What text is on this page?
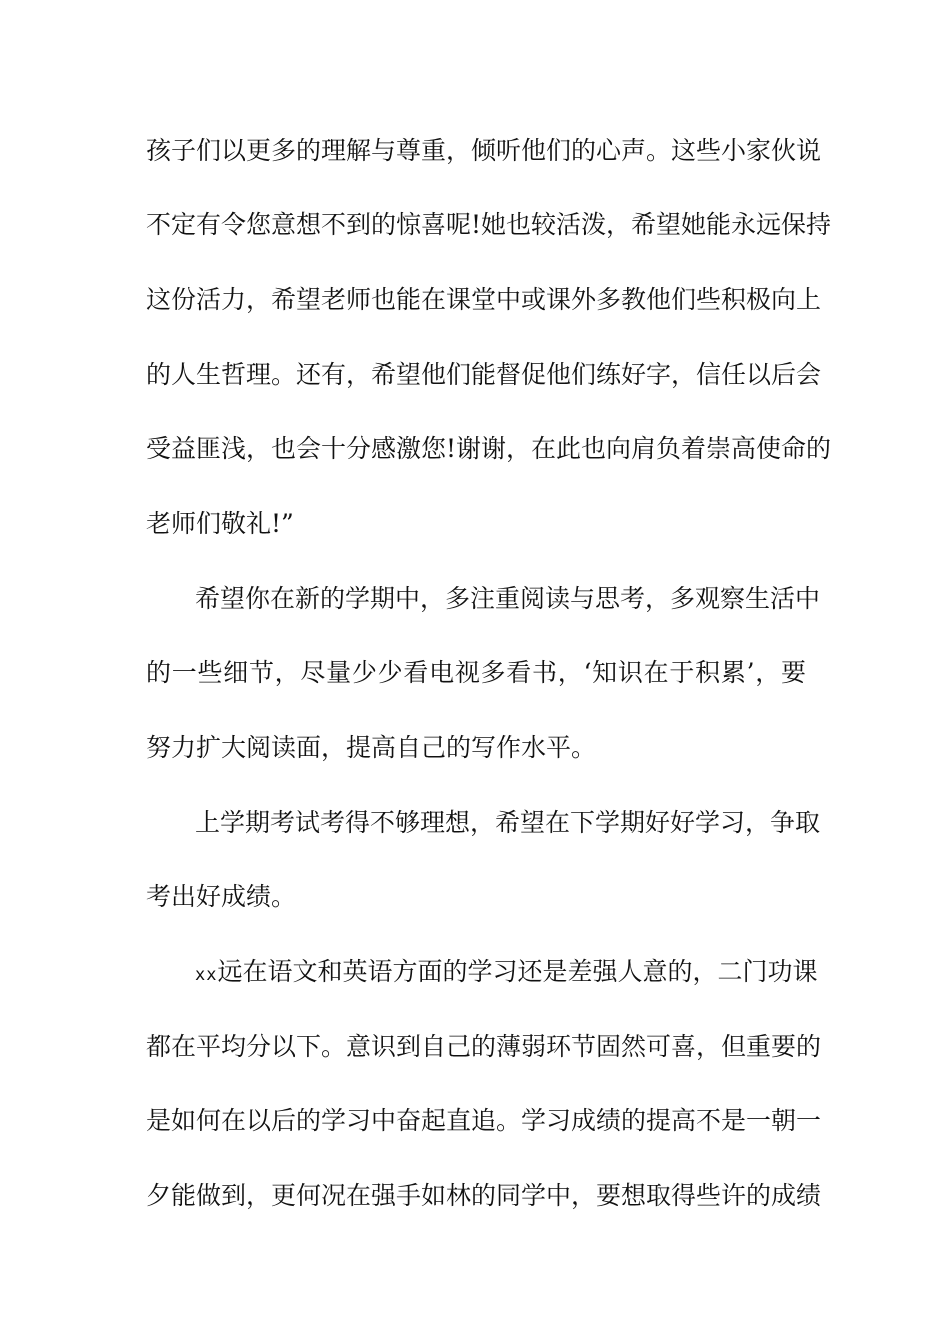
孩子们以更多的理解与尊重，倾听他们的心声。这些小家伙说
不定有令您意想不到的惊喜呢!她也较活泼，希望她能永远保持
这份活力，希望老师也能在课堂中或课外多教他们些积极向上
的人生哲理。还有，希望他们能督促他们练好字，信任以后会
受益匪浅，也会十分感激您!谢谢，在此也向肩负着崇高使命的
老师们敬礼!”
希望你在新的学期中，多注重阅读与思考，多观察生活中
的一些细节，尽量少少看电视多看书，‘知识在于积累’，要
努力扩大阅读面，提高自己的写作水平。
上学期考试考得不够理想，希望在下学期好好学习，争取
考出好成绩。
xx远在语文和英语方面的学习还是差强人意的，二门功课
都在平均分以下。意识到自己的薄弱环节固然可喜，但重要的
是如何在以后的学习中奋起直追。学习成绩的提高不是一朝一
夕能做到，更何况在强手如林的同学中，要想取得些许的成绩
